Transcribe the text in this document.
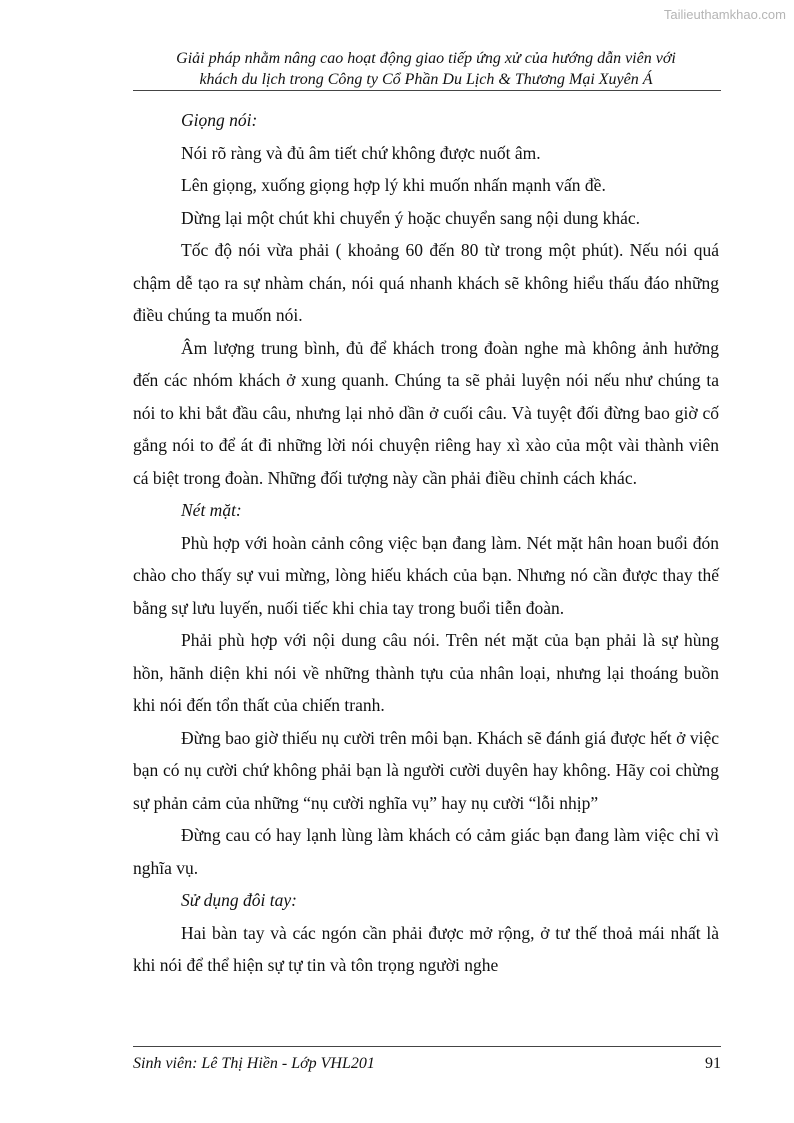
Tailieuthamkhao.com
Giải pháp nhằm nâng cao hoạt động giao tiếp ứng xử của hướng dẫn viên với
khách du lịch trong Công ty Cổ Phần Du Lịch & Thương Mại Xuyên Á

Giọng nói:

Nói rõ ràng và đủ âm tiết chứ không được nuốt âm.

Lên giọng, xuống giọng hợp lý khi muốn nhấn mạnh vấn đề.

Dừng lại một chút khi chuyển ý hoặc chuyển sang nội dung khác.

Tốc độ nói vừa phải ( khoảng 60 đến 80 từ trong một phút). Nếu nói quá chậm dễ tạo ra sự nhàm chán, nói quá nhanh khách sẽ không hiểu thấu đáo những điều chúng ta muốn nói.

Âm lượng trung bình, đủ để khách trong đoàn nghe mà không ảnh hưởng đến các nhóm khách ở xung quanh. Chúng ta sẽ phải luyện nói nếu như chúng ta nói to khi bắt đầu câu, nhưng lại nhỏ dần ở cuối câu. Và tuyệt đối đừng bao giờ cố gắng nói to để át đi những lời nói chuyện riêng hay xì xào của một vài thành viên cá biệt trong đoàn. Những đối tượng này cần phải điều chỉnh cách khác.

Nét mặt:

Phù hợp với hoàn cảnh công việc bạn đang làm. Nét mặt hân hoan buổi đón chào cho thấy sự vui mừng, lòng hiếu khách của bạn. Nhưng nó cần được thay thế bằng sự lưu luyến, nuối tiếc khi chia tay trong buổi tiễn đoàn.

Phải phù hợp với nội dung câu nói. Trên nét mặt của bạn phải là sự hùng hồn, hãnh diện khi nói về những thành tựu của nhân loại, nhưng lại thoáng buồn khi nói đến tổn thất của chiến tranh.

Đừng bao giờ thiếu nụ cười trên môi bạn. Khách sẽ đánh giá được hết ở việc bạn có nụ cười chứ không phải bạn là người cười duyên hay không. Hãy coi chừng sự phản cảm của những “nụ cười nghĩa vụ” hay nụ cười “lỗi nhịp”

Đừng cau có hay lạnh lùng làm khách có cảm giác bạn đang làm việc chỉ vì nghĩa vụ.

Sử dụng đôi tay:

Hai bàn tay và các ngón cần phải được mở rộng, ở tư thế thoả mái nhất là khi nói để thể hiện sự tự tin và tôn trọng người nghe

Sinh viên: Lê Thị Hiền - Lớp VHL201	91
